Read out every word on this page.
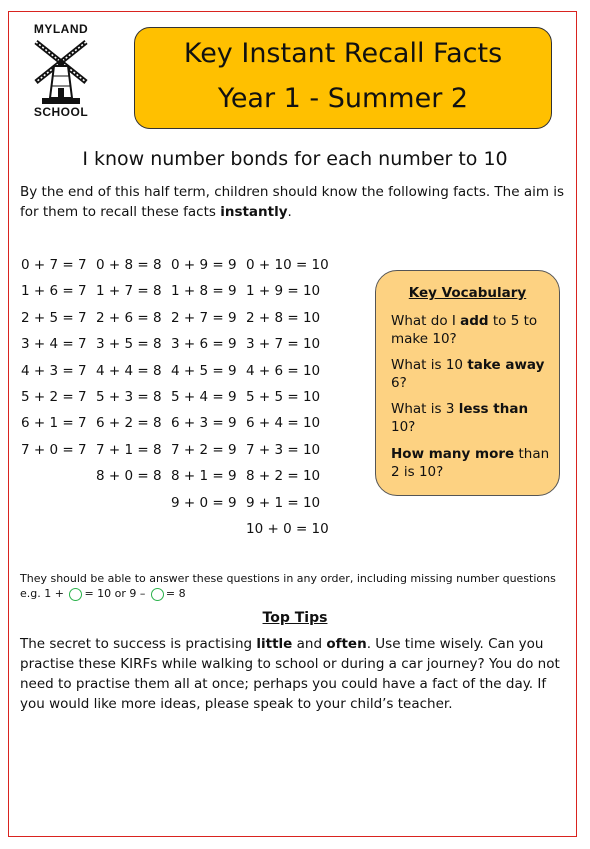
MYLAND
SCHOOL
Key Instant Recall Facts
Year 1 - Summer 2
I know number bonds for each number to 10
By the end of this half term, children should know the following facts. The aim is for them to recall these facts instantly.
0 + 7 = 7
1 + 6 = 7
2 + 5 = 7
3 + 4 = 7
4 + 3 = 7
5 + 2 = 7
6 + 1 = 7
7 + 0 = 7
0 + 8 = 8
1 + 7 = 8
2 + 6 = 8
3 + 5 = 8
4 + 4 = 8
5 + 3 = 8
6 + 2 = 8
7 + 1 = 8
8 + 0 = 8
0 + 9 = 9
1 + 8 = 9
2 + 7 = 9
3 + 6 = 9
4 + 5 = 9
5 + 4 = 9
6 + 3 = 9
7 + 2 = 9
8 + 1 = 9
9 + 0 = 9
0 + 10 = 10
1 + 9 = 10
2 + 8 = 10
3 + 7 = 10
4 + 6 = 10
5 + 5 = 10
6 + 4 = 10
7 + 3 = 10
8 + 2 = 10
9 + 1 = 10
10 + 0 = 10
Key Vocabulary
What do I add to 5 to make 10?
What is 10 take away 6?
What is 3 less than 10?
How many more than 2 is 10?
They should be able to answer these questions in any order, including missing number questions e.g. 1 + = 10 or 9 – = 8
Top Tips
The secret to success is practising little and often. Use time wisely. Can you practise these KIRFs while walking to school or during a car journey? You do not need to practise them all at once; perhaps you could have a fact of the day. If you would like more ideas, please speak to your child’s teacher.
